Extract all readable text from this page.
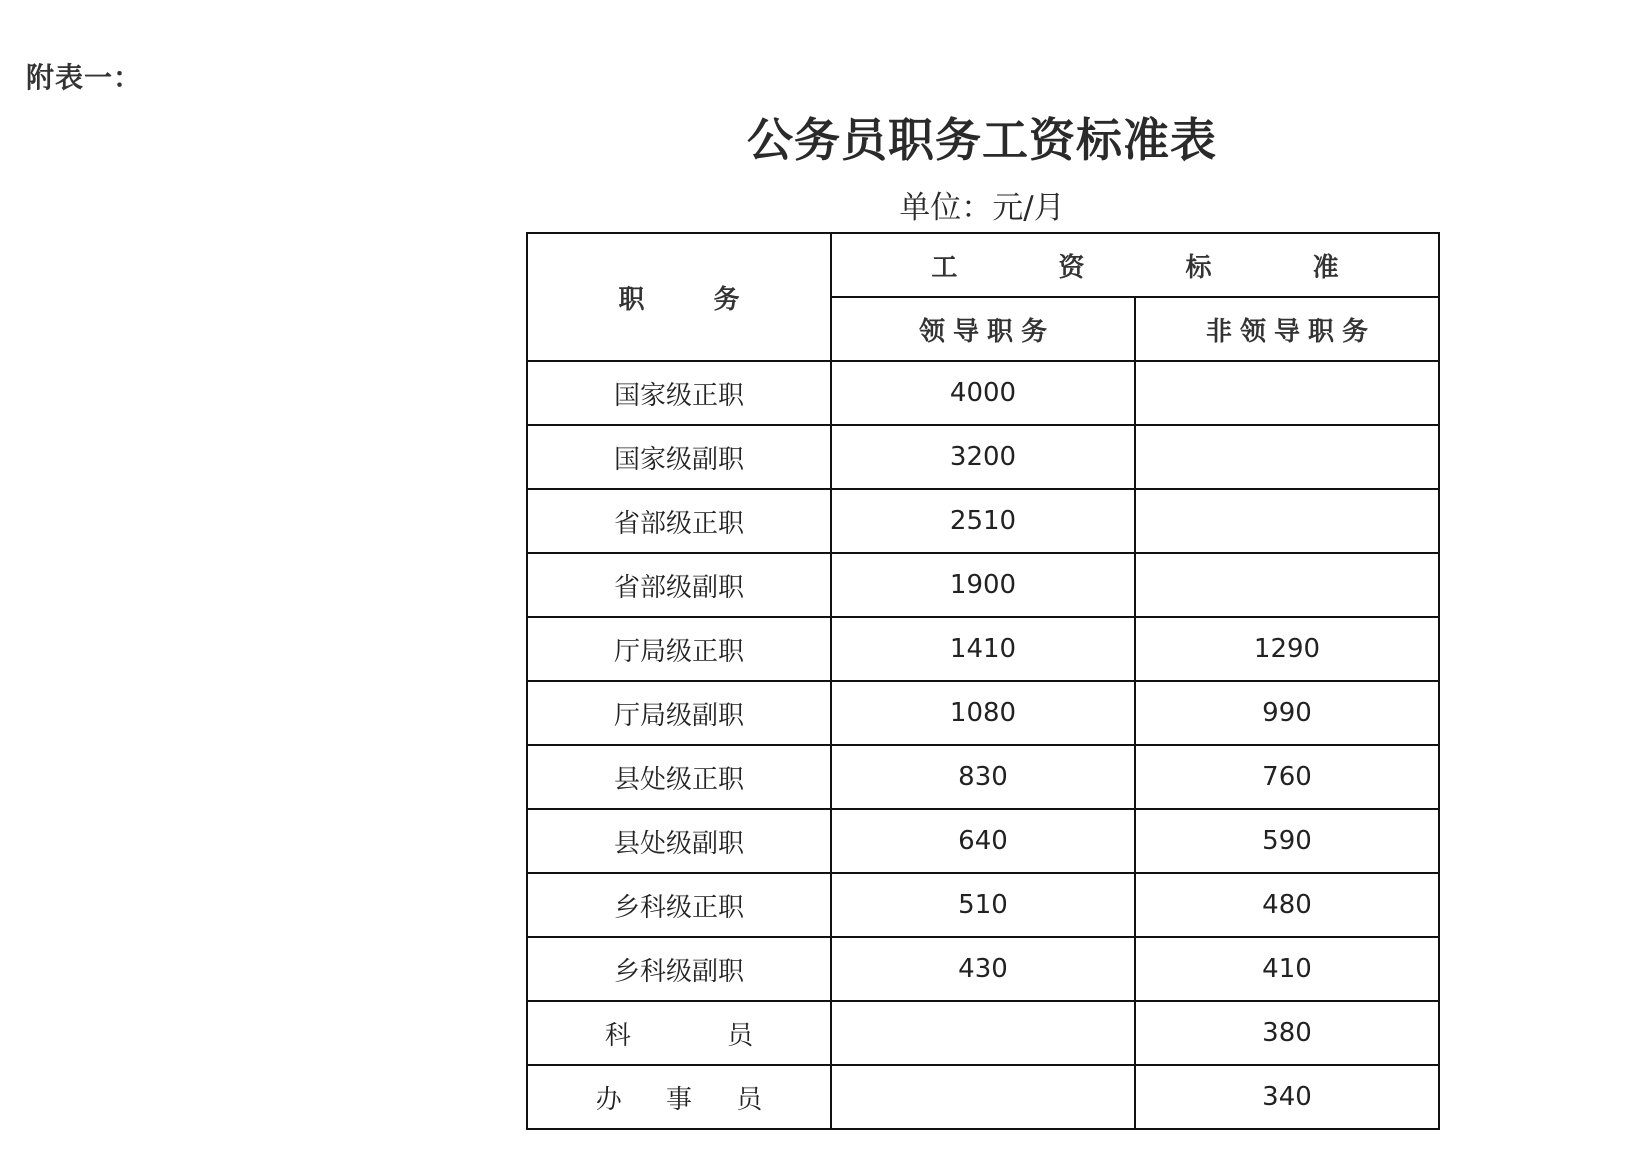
附表一：
公务员职务工资标准表
单位：元/月
职 务	工 资 标 准	
	领导职务	非领导职务
国家级正职	4000	
国家级副职	3200	
省部级正职	2510	
省部级副职	1900	
厅局级正职	1410	1290
厅局级副职	1080	990
县处级正职	830	760
县处级副职	640	590
乡科级正职	510	480
乡科级副职	430	410
科 员		380
办 事 员		340
